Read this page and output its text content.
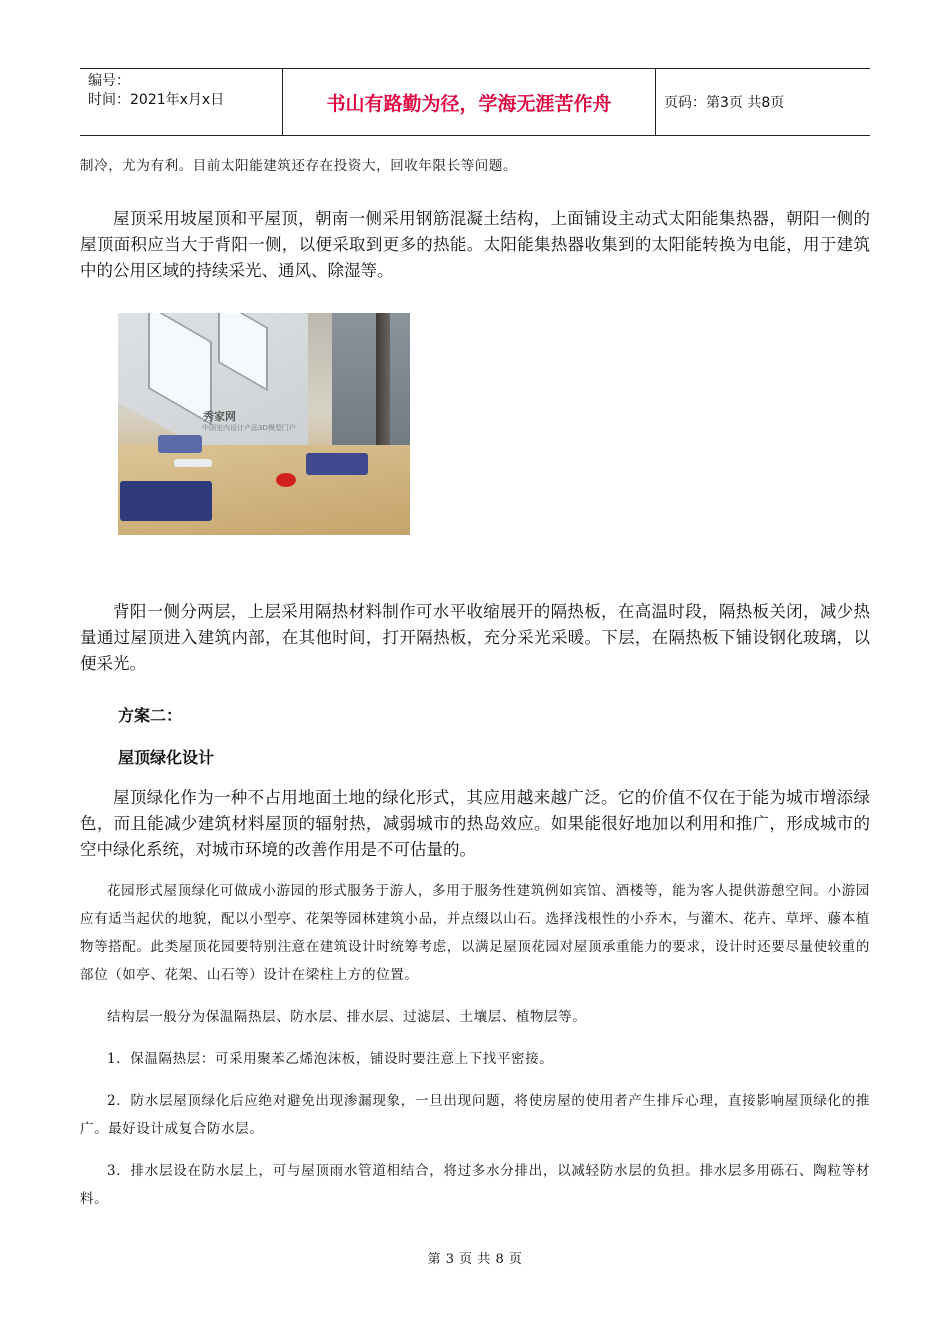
编号：
时间：2021年x月x日	书山有路勤为径，学海无涯苦作舟	页码：第3页 共8页

制冷，尤为有利。目前太阳能建筑还存在投资大，回收年限长等问题。

屋顶采用坡屋顶和平屋顶，朝南一侧采用钢筋混凝土结构，上面铺设主动式太阳能集热器，朝阳一侧的屋顶面积应当大于背阳一侧，以便采取到更多的热能。太阳能集热器收集到的太阳能转换为电能，用于建筑中的公用区域的持续采光、通风、除湿等。

秀家网
中国室内设计产品3D模型门户

背阳一侧分两层，上层采用隔热材料制作可水平收缩展开的隔热板，在高温时段，隔热板关闭，减少热量通过屋顶进入建筑内部，在其他时间，打开隔热板，充分采光采暖。下层，在隔热板下铺设钢化玻璃，以便采光。

方案二：

屋顶绿化设计

屋顶绿化作为一种不占用地面土地的绿化形式，其应用越来越广泛。它的价值不仅在于能为城市增添绿色，而且能减少建筑材料屋顶的辐射热，减弱城市的热岛效应。如果能很好地加以利用和推广，形成城市的空中绿化系统，对城市环境的改善作用是不可估量的。

花园形式屋顶绿化可做成小游园的形式服务于游人，多用于服务性建筑例如宾馆、酒楼等，能为客人提供游憩空间。小游园应有适当起伏的地貌，配以小型亭、花架等园林建筑小品，并点缀以山石。选择浅根性的小乔木，与灌木、花卉、草坪、藤本植物等搭配。此类屋顶花园要特别注意在建筑设计时统筹考虑，以满足屋顶花园对屋顶承重能力的要求，设计时还要尽量使较重的部位（如亭、花架、山石等）设计在梁柱上方的位置。

结构层一般分为保温隔热层、防水层、排水层、过滤层、土壤层、植物层等。

1．保温隔热层：可采用聚苯乙烯泡沫板，铺设时要注意上下找平密接。

2．防水层屋顶绿化后应绝对避免出现渗漏现象，一旦出现问题，将使房屋的使用者产生排斥心理，直接影响屋顶绿化的推广。最好设计成复合防水层。

3．排水层设在防水层上，可与屋顶雨水管道相结合，将过多水分排出，以减轻防水层的负担。排水层多用砾石、陶粒等材料。

第 3 页 共 8 页
